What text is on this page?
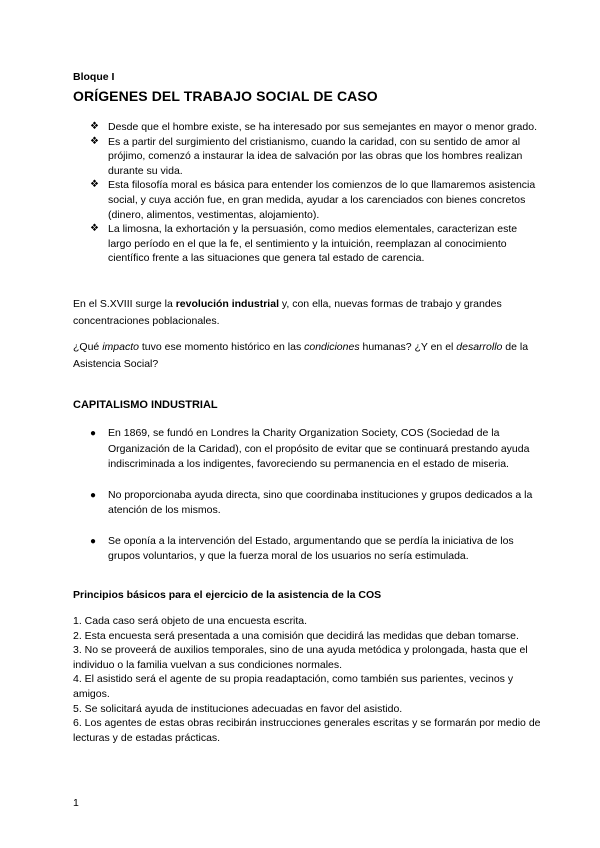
Bloque I
ORÍGENES DEL TRABAJO SOCIAL DE CASO
❖ Desde que el hombre existe, se ha interesado por sus semejantes en mayor o menor grado.
❖ Es a partir del surgimiento del cristianismo, cuando la caridad, con su sentido de amor al prójimo, comenzó a instaurar la idea de salvación por las obras que los hombres realizan durante su vida.
❖ Esta filosofía moral es básica para entender los comienzos de lo que llamaremos asistencia social, y cuya acción fue, en gran medida, ayudar a los carenciados con bienes concretos (dinero, alimentos, vestimentas, alojamiento).
❖ La limosna, la exhortación y la persuasión, como medios elementales, caracterizan este largo período en el que la fe, el sentimiento y la intuición, reemplazan al conocimiento científico frente a las situaciones que genera tal estado de carencia.
En el S.XVIII surge la revolución industrial y, con ella, nuevas formas de trabajo y grandes concentraciones poblacionales.
¿Qué impacto tuvo ese momento histórico en las condiciones humanas? ¿Y en el desarrollo de la Asistencia Social?
CAPITALISMO INDUSTRIAL
● En 1869, se fundó en Londres la Charity Organization Society, COS (Sociedad de la Organización de la Caridad), con el propósito de evitar que se continuará prestando ayuda indiscriminada a los indigentes, favoreciendo su permanencia en el estado de miseria.
● No proporcionaba ayuda directa, sino que coordinaba instituciones y grupos dedicados a la atención de los mismos.
● Se oponía a la intervención del Estado, argumentando que se perdía la iniciativa de los grupos voluntarios, y que la fuerza moral de los usuarios no sería estimulada.
Principios básicos para el ejercicio de la asistencia de la COS
1. Cada caso será objeto de una encuesta escrita.
2. Esta encuesta será presentada a una comisión que decidirá las medidas que deban tomarse.
3. No se proveerá de auxilios temporales, sino de una ayuda metódica y prolongada, hasta que el individuo o la familia vuelvan a sus condiciones normales.
4. El asistido será el agente de su propia readaptación, como también sus parientes, vecinos y amigos.
5. Se solicitará ayuda de instituciones adecuadas en favor del asistido.
6. Los agentes de estas obras recibirán instrucciones generales escritas y se formarán por medio de lecturas y de estadas prácticas.
1
